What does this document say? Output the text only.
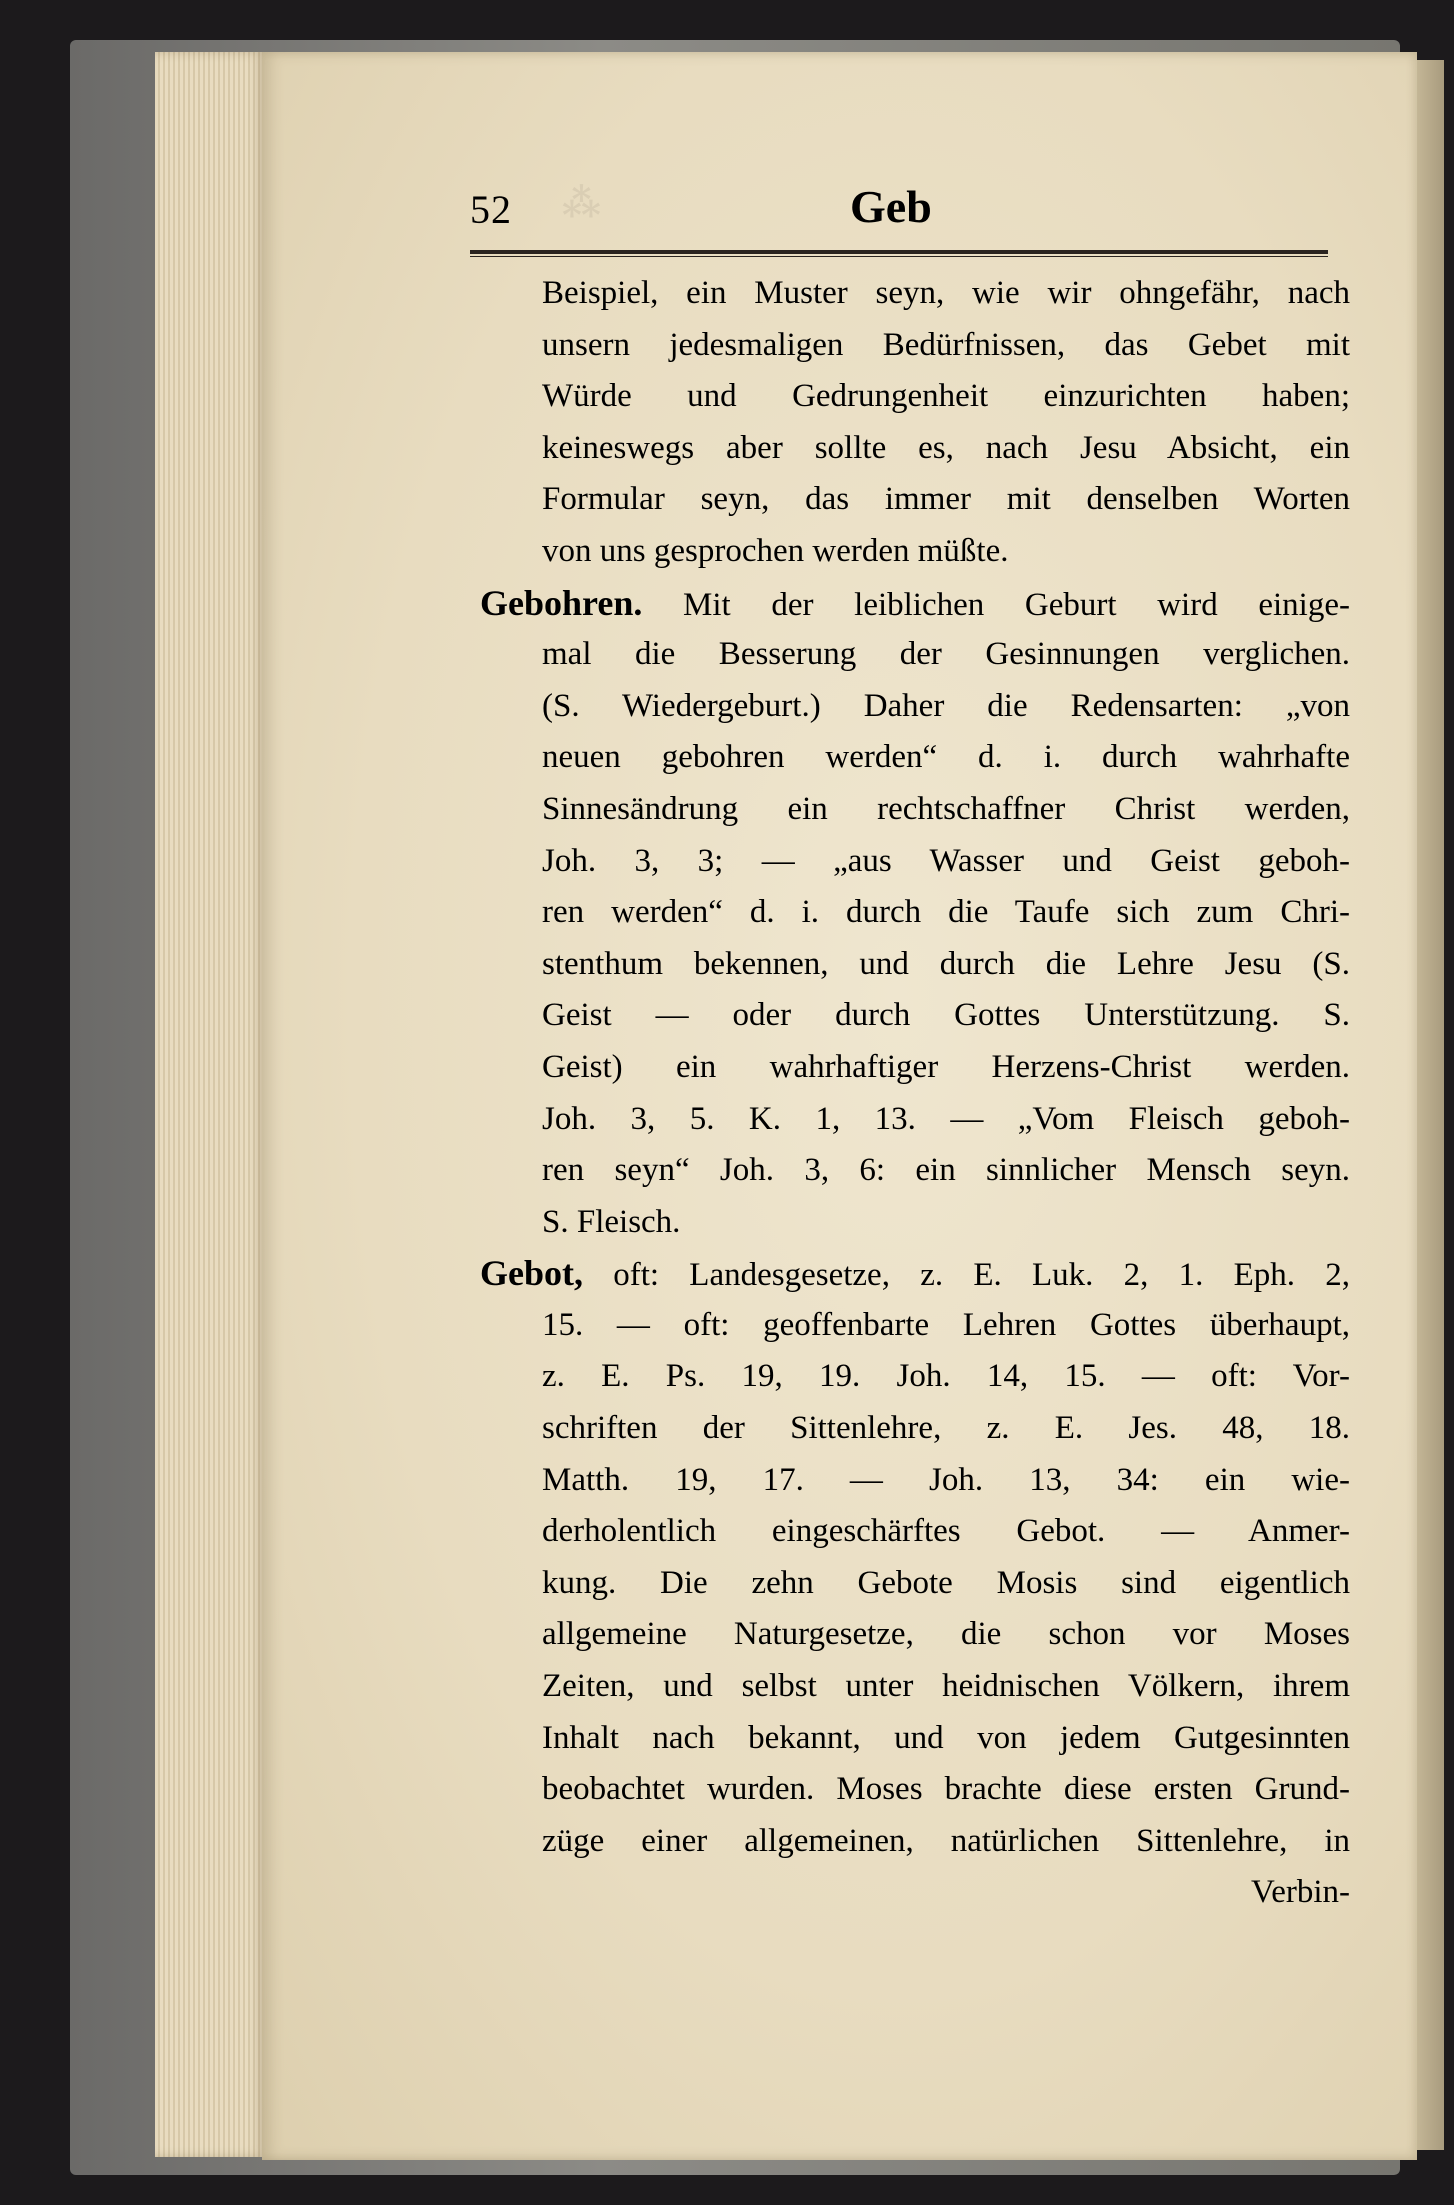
⁂
52	Geb
Beispiel, ein Muster seyn, wie wir ohngefähr, nach
unsern jedesmaligen Bedürfnissen, das Gebet mit
Würde und Gedrungenheit einzurichten haben;
keineswegs aber sollte es, nach Jesu Absicht, ein
Formular seyn, das immer mit denselben Worten
von uns gesprochen werden müßte.
Gebohren. Mit der leiblichen Geburt wird einige-
mal die Besserung der Gesinnungen verglichen.
(S. Wiedergeburt.) Daher die Redensarten: „von
neuen gebohren werden“ d. i. durch wahrhafte
Sinnesändrung ein rechtschaffner Christ werden,
Joh. 3, 3; — „aus Wasser und Geist geboh-
ren werden“ d. i. durch die Taufe sich zum Chri-
stenthum bekennen, und durch die Lehre Jesu (S.
Geist — oder durch Gottes Unterstützung. S.
Geist) ein wahrhaftiger Herzens-Christ werden.
Joh. 3, 5. K. 1, 13. — „Vom Fleisch geboh-
ren seyn“ Joh. 3, 6: ein sinnlicher Mensch seyn.
S. Fleisch.
Gebot, oft: Landesgesetze, z. E. Luk. 2, 1. Eph. 2,
15. — oft: geoffenbarte Lehren Gottes überhaupt,
z. E. Ps. 19, 19. Joh. 14, 15. — oft: Vor-
schriften der Sittenlehre, z. E. Jes. 48, 18.
Matth. 19, 17. — Joh. 13, 34: ein wie-
derholentlich eingeschärftes Gebot. — Anmer-
kung. Die zehn Gebote Mosis sind eigentlich
allgemeine Naturgesetze, die schon vor Moses
Zeiten, und selbst unter heidnischen Völkern, ihrem
Inhalt nach bekannt, und von jedem Gutgesinnten
beobachtet wurden. Moses brachte diese ersten Grund-
züge einer allgemeinen, natürlichen Sittenlehre, in
Verbin-
